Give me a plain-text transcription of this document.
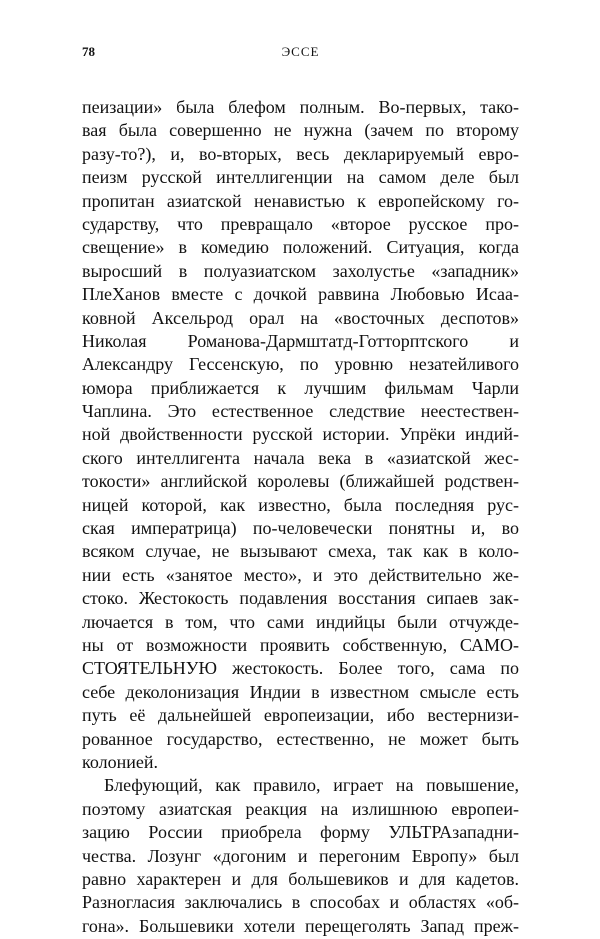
78	ЭССЕ
пеизации» была блефом полным. Во-первых, тако-
вая была совершенно не нужна (зачем по второму
разу-то?), и, во-вторых, весь декларируемый евро-
пеизм русской интеллигенции на самом деле был
пропитан азиатской ненавистью к европейскому го-
сударству, что превращало «второе русское про-
свещение» в комедию положений. Ситуация, когда
выросший в полуазиатском захолустье «западник»
ПлеХанов вместе с дочкой раввина Любовью Исаа-
ковной Аксельрод орал на «восточных деспотов»
Николая Романова-Дармштатд-Готторптского и
Александру Гессенскую, по уровню незатейливого
юмора приближается к лучшим фильмам Чарли
Чаплина. Это естественное следствие неестествен-
ной двойственности русской истории. Упрёки индий-
ского интеллигента начала века в «азиатской жес-
токости» английской королевы (ближайшей родствен-
ницей которой, как известно, была последняя рус-
ская императрица) по-человечески понятны и, во
всяком случае, не вызывают смеха, так как в коло-
нии есть «занятое место», и это действительно же-
стоко. Жестокость подавления восстания сипаев зак-
лючается в том, что сами индийцы были отчужде-
ны от возможности проявить собственную, САМО-
СТОЯТЕЛЬНУЮ жестокость. Более того, сама по
себе деколонизация Индии в известном смысле есть
путь её дальнейшей европеизации, ибо вестернизи-
рованное государство, естественно, не может быть
колонией.
Блефующий, как правило, играет на повышение,
поэтому азиатская реакция на излишнюю европеи-
зацию России приобрела форму УЛЬТРАзападни-
чества. Лозунг «догоним и перегоним Европу» был
равно характерен и для большевиков и для кадетов.
Разногласия заключались в способах и областях «об-
гона». Большевики хотели перещеголять Запад преж-
